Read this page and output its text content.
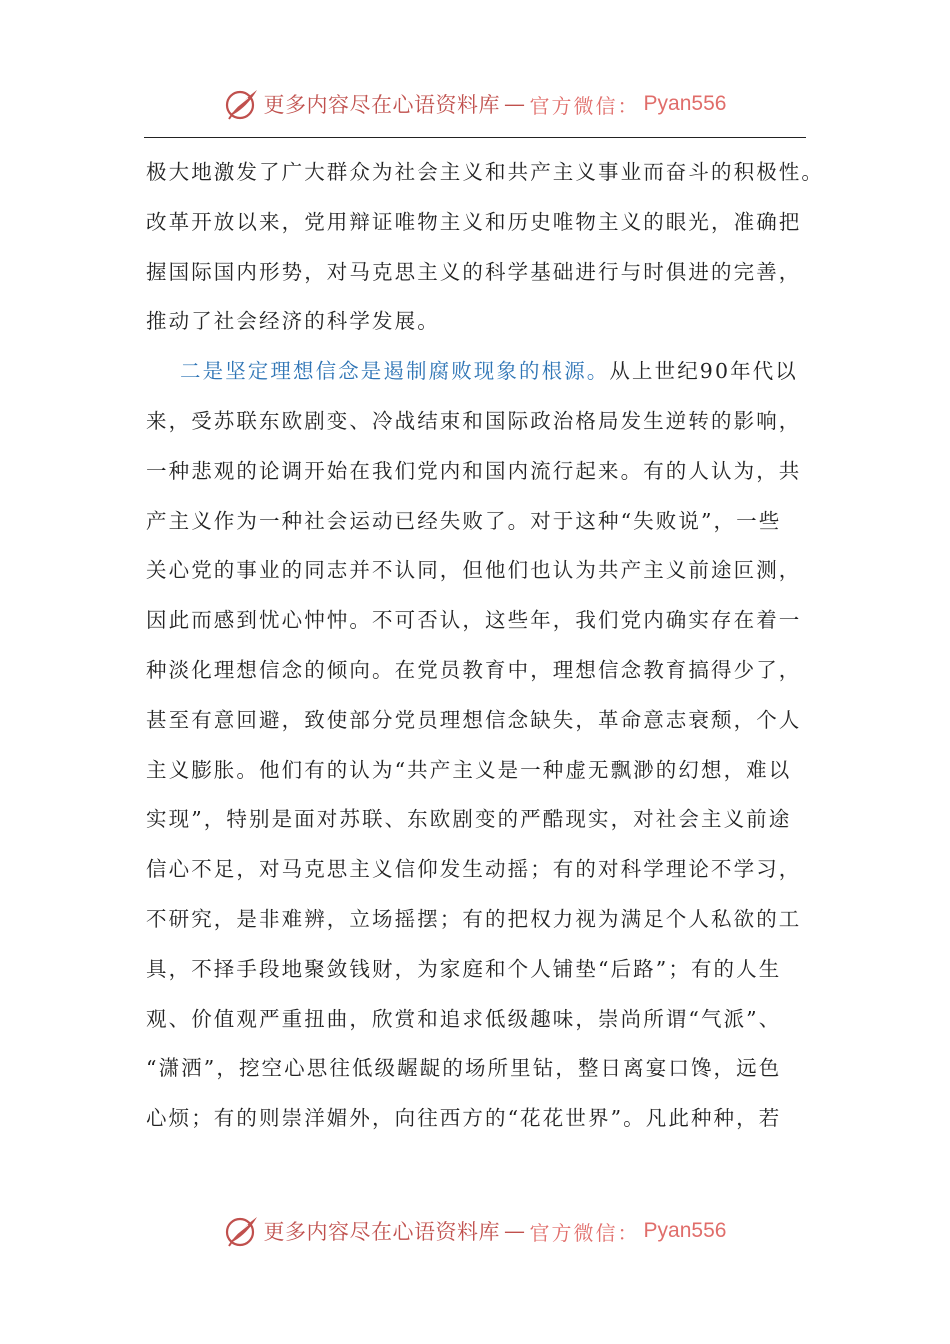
更多内容尽在心语资料库 — 官方微信： Pyan556
极大地激发了广大群众为社会主义和共产主义事业而奋斗的积极性。
改革开放以来，党用辩证唯物主义和历史唯物主义的眼光，准确把
握国际国内形势，对马克思主义的科学基础进行与时俱进的完善，
推动了社会经济的科学发展。
二是坚定理想信念是遏制腐败现象的根源。从上世纪90年代以
来，受苏联东欧剧变、冷战结束和国际政治格局发生逆转的影响，
一种悲观的论调开始在我们党内和国内流行起来。有的人认为，共
产主义作为一种社会运动已经失败了。对于这种“失败说”，一些
关心党的事业的同志并不认同，但他们也认为共产主义前途叵测，
因此而感到忧心忡忡。不可否认，这些年，我们党内确实存在着一
种淡化理想信念的倾向。在党员教育中，理想信念教育搞得少了，
甚至有意回避，致使部分党员理想信念缺失，革命意志衰颓，个人
主义膨胀。他们有的认为“共产主义是一种虚无飘渺的幻想，难以
实现”，特别是面对苏联、东欧剧变的严酷现实，对社会主义前途
信心不足，对马克思主义信仰发生动摇；有的对科学理论不学习，
不研究，是非难辨，立场摇摆；有的把权力视为满足个人私欲的工
具，不择手段地聚敛钱财，为家庭和个人铺垫“后路”；有的人生
观、价值观严重扭曲，欣赏和追求低级趣味，崇尚所谓“气派”、
“潇洒”，挖空心思往低级龌龊的场所里钻，整日离宴口馋，远色
心烦；有的则崇洋媚外，向往西方的“花花世界”。凡此种种，若
更多内容尽在心语资料库 — 官方微信： Pyan556
